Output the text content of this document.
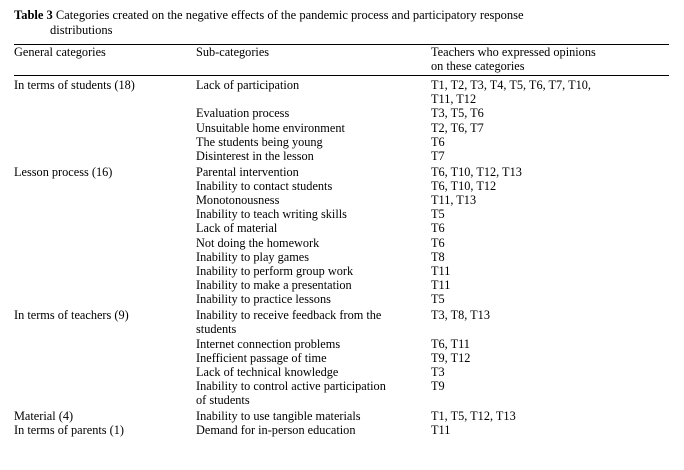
Table 3 Categories created on the negative effects of the pandemic process and participatory response
distributions
General categories	Sub-categories	Teachers who expressed opinions
on these categories

In terms of students (18)	Lack of participation	T1, T2, T3, T4, T5, T6, T7, T10,
T11, T12
	Evaluation process	T3, T5, T6
	Unsuitable home environment	T2, T6, T7
	The students being young	T6
	Disinterest in the lesson	T7
Lesson process (16)	Parental intervention	T6, T10, T12, T13
	Inability to contact students	T6, T10, T12
	Monotonousness	T11, T13
	Inability to teach writing skills	T5
	Lack of material	T6
	Not doing the homework	T6
	Inability to play games	T8
	Inability to perform group work	T11
	Inability to make a presentation	T11
	Inability to practice lessons	T5
In terms of teachers (9)	Inability to receive feedback from the
students	T3, T8, T13
	Internet connection problems	T6, T11
	Inefficient passage of time	T9, T12
	Lack of technical knowledge	T3
	Inability to control active participation
of students	T9
Material (4)	Inability to use tangible materials	T1, T5, T12, T13
In terms of parents (1)	Demand for in-person education	T11
